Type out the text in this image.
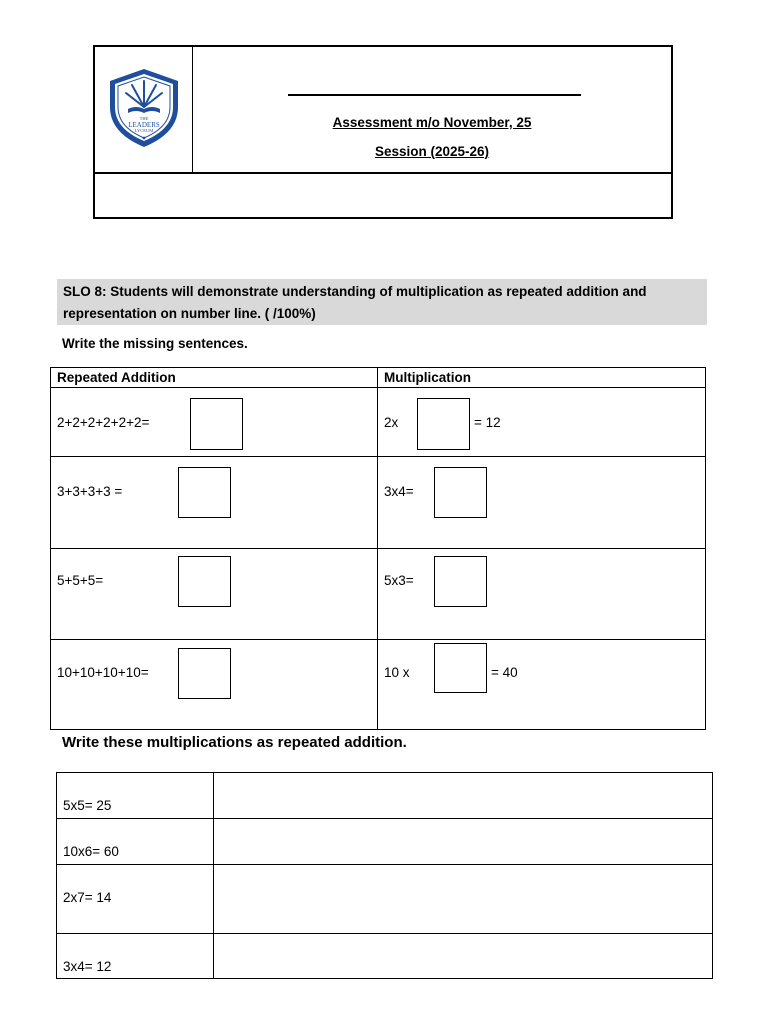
THE
LEADERS
LYCEUM
Assessment m/o November, 25
Session (2025-26)
SLO 8: Students will demonstrate understanding of multiplication as repeated addition and
representation on number line. ( /100%)
Write the missing sentences.
Repeated Addition	Multiplication
2+2+2+2+2+2=	2x	= 12
3+3+3+3 =	3x4=
5+5+5=	5x3=
10+10+10+10=	10 x	= 40
Write these multiplications as repeated addition.
5x5= 25
10x6= 60
2x7= 14
3x4= 12
